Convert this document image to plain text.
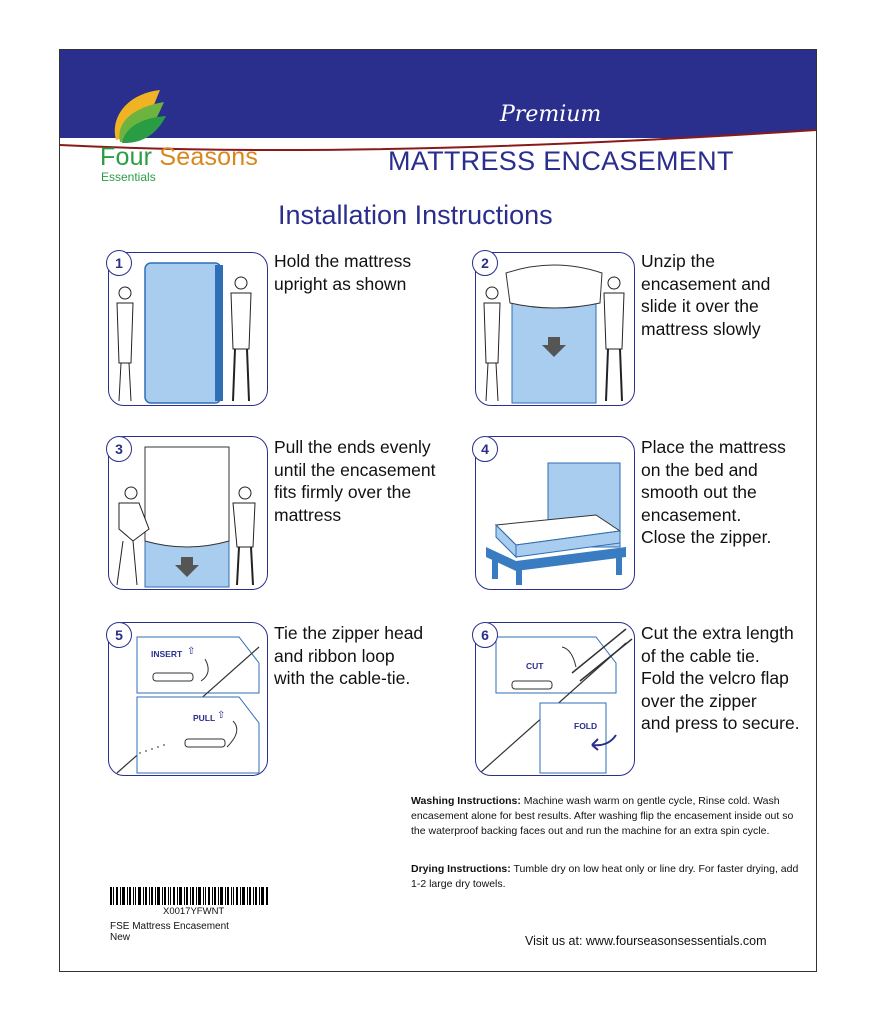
Four Seasons
Essentials
Premium
MATTRESS ENCASEMENT
Installation Instructions
1	Hold the mattress
upright as shown
2	Unzip the
encasement and
slide it over the
mattress slowly
3	Pull the ends evenly
until the encasement
fits firmly over the
mattress
4	Place the mattress
on the bed and
smooth out the
encasement.
Close the zipper.
INSERT ⇧
PULL ⇧
5	Tie the zipper head
and ribbon loop
with the cable-tie.
CUT
FOLD
6	Cut the extra length
of the cable tie.
Fold the velcro flap
over the zipper
and press to secure.
Washing Instructions: Machine wash warm on gentle cycle, Rinse cold. Wash encasement alone for best results. After washing flip the encasement inside out so the waterproof backing faces out and run the machine for an extra spin cycle.
Drying Instructions: Tumble dry on low heat only or line dry. For faster drying, add 1-2 large dry towels.
X0017YFWNT
FSE Mattress Encasement
New	Visit us at: www.fourseasonsessentials.com
